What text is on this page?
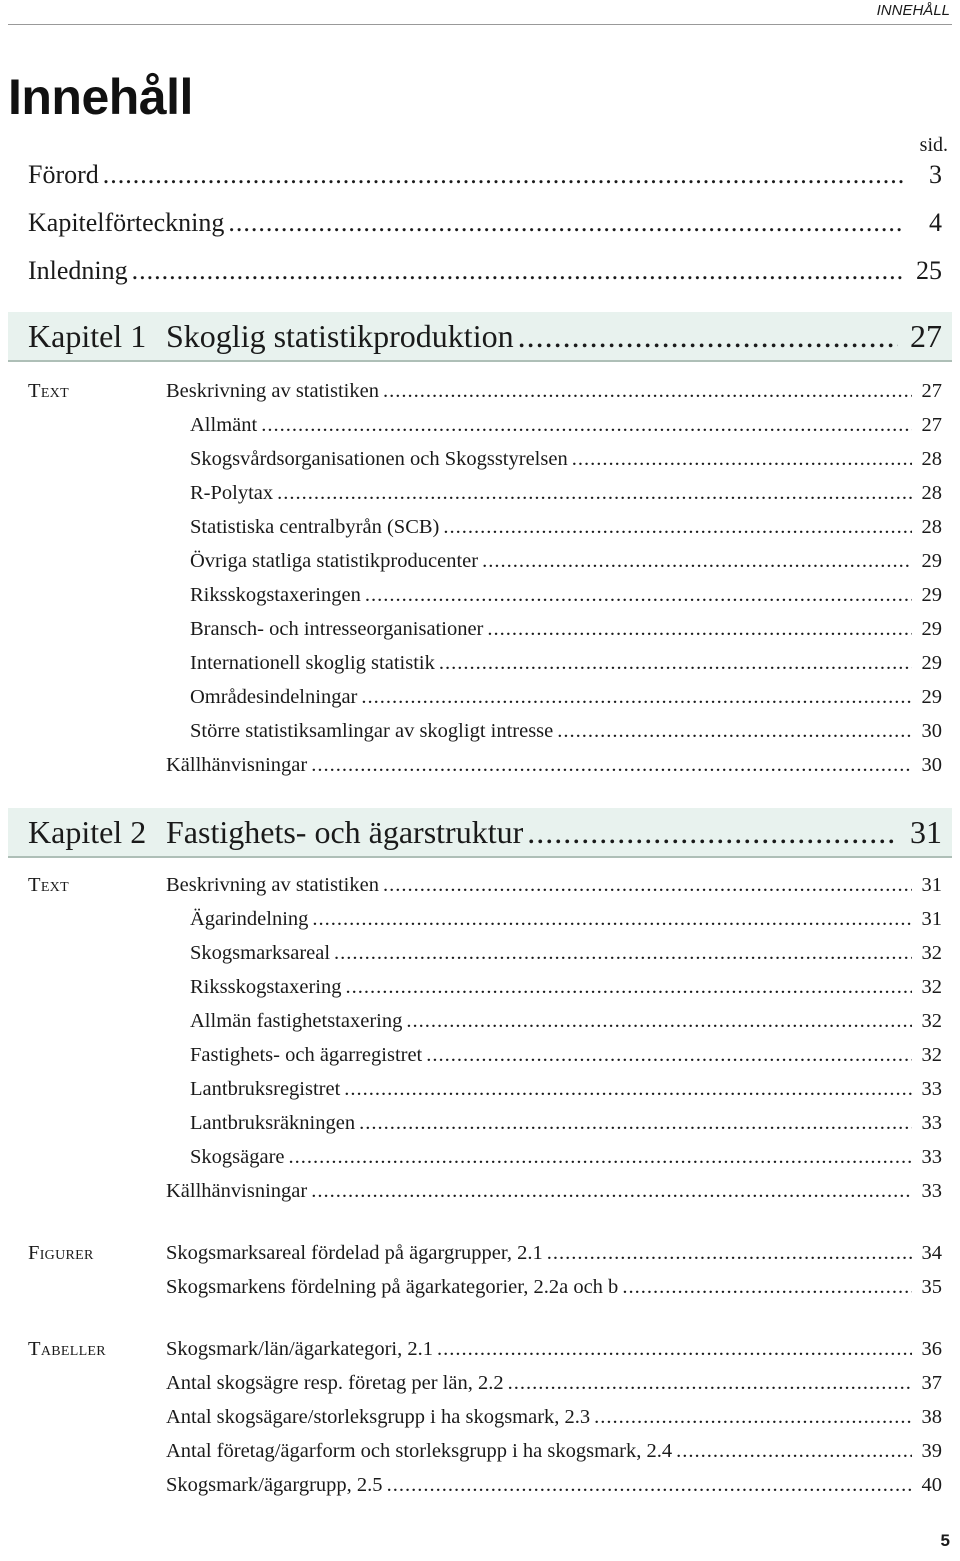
INNEHÅLL
Innehåll
sid.
Förord .....	3
Kapitelförteckning .....	4
Inledning .....	25
Kapitel 1 Skoglig statistikproduktion .....	27
Text	Beskrivning av statistiken .....	27
Allmänt .....	27
Skogsvårdsorganisationen och Skogsstyrelsen .....	28
R-Polytax .....	28
Statistiska centralbyrån (SCB) .....	28
Övriga statliga statistikproducenter .....	29
Riksskogstaxeringen .....	29
Bransch- och intresseorganisationer .....	29
Internationell skoglig statistik .....	29
Områdesindelningar .....	29
Större statistiksamlingar av skogligt intresse .....	30
Källhänvisningar .....	30
Kapitel 2 Fastighets- och ägarstruktur .....	31
Text	Beskrivning av statistiken .....	31
Ägarindelning .....	31
Skogsmarksareal .....	32
Riksskogstaxering .....	32
Allmän fastighetstaxering .....	32
Fastighets- och ägarregistret .....	32
Lantbruksregistret .....	33
Lantbruksräkningen .....	33
Skogsägare .....	33
Källhänvisningar .....	33
Figurer	Skogsmarksareal fördelad på ägargrupper, 2.1 .....	34
Skogsmarkens fördelning på ägarkategorier, 2.2a och b .....	35
Tabeller	Skogsmark/län/ägarkategori, 2.1 .....	36
Antal skogsägre resp. företag per län, 2.2 .....	37
Antal skogsägare/storleksgrupp i ha skogsmark, 2.3 .....	38
Antal företag/ägarform och storleksgrupp i ha skogsmark, 2.4 .....	39
Skogsmark/ägargrupp, 2.5 .....	40
5
